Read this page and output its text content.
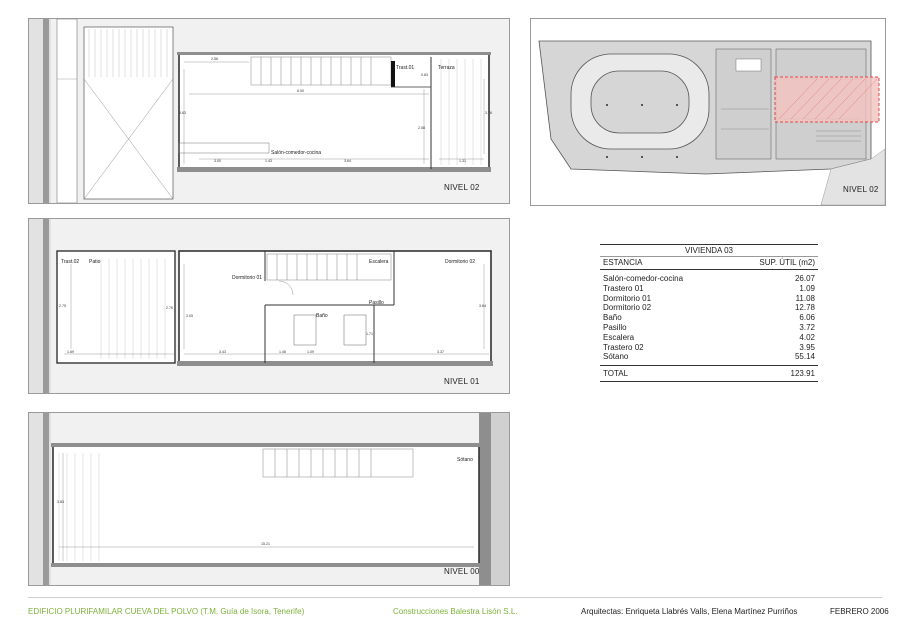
Trast.01	Terraza
Salón-comedor-cocina
2.56
6.90
0.83
3.63
2.58
3.76
3.64	1.31
3.00	1.43
NIVEL 02	NIVEL 02
Trast.02 Patio
Dormitorio 01
Escalera	Dormitorio 02
Baño
Pasillo
2.75	2.76
3.05
1.69	3.43	1.46	1.09
1.71
3.37
3.84
NIVEL 01
Sótano
3.83
15.21
NIVEL 00
VIVIENDA 03
ESTANCIA	SUP. ÚTIL (m2)
Salón-comedor-cocina	26.07
Trastero 01	1.09
Dormitorio 01	11.08
Dormitorio 02	12.78
Baño	6.06
Pasillo	3.72
Escalera	4.02
Trastero 02	3.95
Sótano	55.14
TOTAL	123.91
EDIFICIO PLURIFAMILAR CUEVA DEL POLVO (T.M. Guía de Isora, Tenerife)	Construcciones Balestra Lisón S.L.	Arquitectas: Enriqueta Llabrés Valls, Elena Martínez Purriños	FEBRERO 2006
